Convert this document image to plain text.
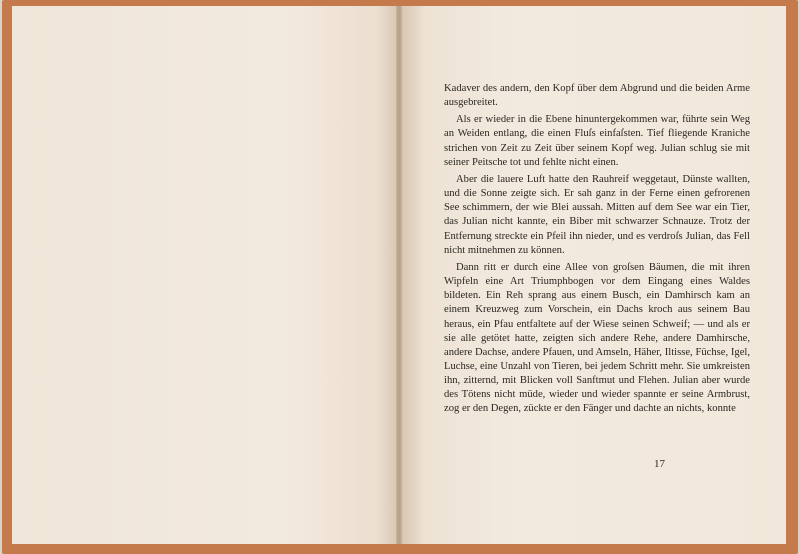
Kadaver des andern, den Kopf über dem Abgrund und die beiden Arme ausgebreitet.

Als er wieder in die Ebene hinuntergekommen war, führte sein Weg an Weiden entlang, die einen Fluſs einfaſsten. Tief fliegende Kraniche strichen von Zeit zu Zeit über seinem Kopf weg. Julian schlug sie mit seiner Peitsche tot und fehlte nicht einen.

Aber die lauere Luft hatte den Rauhreif weggetaut, Dünste wallten, und die Sonne zeigte sich. Er sah ganz in der Ferne einen gefrorenen See schimmern, der wie Blei aussah. Mitten auf dem See war ein Tier, das Julian nicht kannte, ein Biber mit schwarzer Schnauze. Trotz der Entfernung streckte ein Pfeil ihn nieder, und es verdroſs Julian, das Fell nicht mitnehmen zu können.

Dann ritt er durch eine Allee von groſsen Bäumen, die mit ihren Wipfeln eine Art Triumphbogen vor dem Eingang eines Waldes bildeten. Ein Reh sprang aus einem Busch, ein Damhirsch kam an einem Kreuzweg zum Vorschein, ein Dachs kroch aus seinem Bau heraus, ein Pfau entfaltete auf der Wiese seinen Schweif; — und als er sie alle getötet hatte, zeigten sich andere Rehe, andere Damhirsche, andere Dachse, andere Pfauen, und Amseln, Häher, Iltisse, Füchse, Igel, Luchse, eine Unzahl von Tieren, bei jedem Schritt mehr. Sie umkreisten ihn, zitternd, mit Blicken voll Sanftmut und Flehen. Julian aber wurde des Tötens nicht müde, wieder und wieder spannte er seine Armbrust, zog er den Degen, zückte er den Fänger und dachte an nichts, konnte

17
